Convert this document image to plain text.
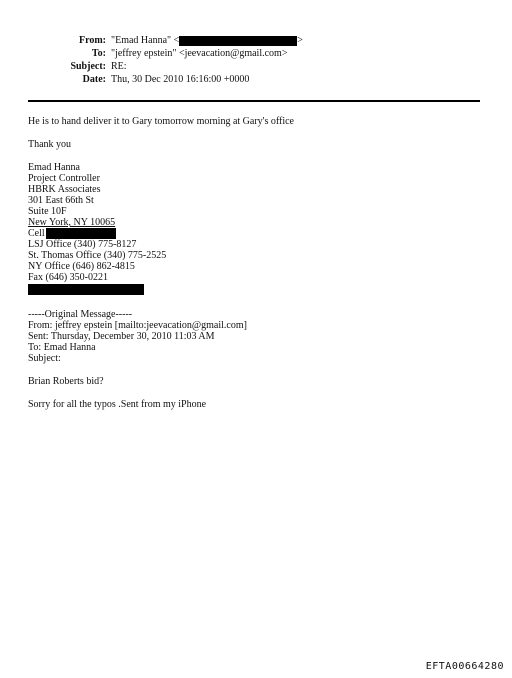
From: "Emad Hanna" <	>
To: "jeffrey epstein" <jeevacation@gmail.com>
Subject: RE:
Date: Thu, 30 Dec 2010 16:16:00 +0000
He is to hand deliver it to Gary tomorrow morning at Gary's office
Thank you
Emad Hanna
Project Controller
HBRK Associates
301 East 66th St
Suite 10F
New York, NY 10065
Cell
LSJ Office (340) 775-8127
St. Thomas Office (340) 775-2525
NY Office (646) 862-4815
Fax (646) 350-0221
-----Original Message-----
From: jeffrey epstein [mailto:jeevacation@gmail.com]
Sent: Thursday, December 30, 2010 11:03 AM
To: Emad Hanna
Subject:
Brian Roberts bid?
Sorry for all the typos .Sent from my iPhone
EFTA00664280
